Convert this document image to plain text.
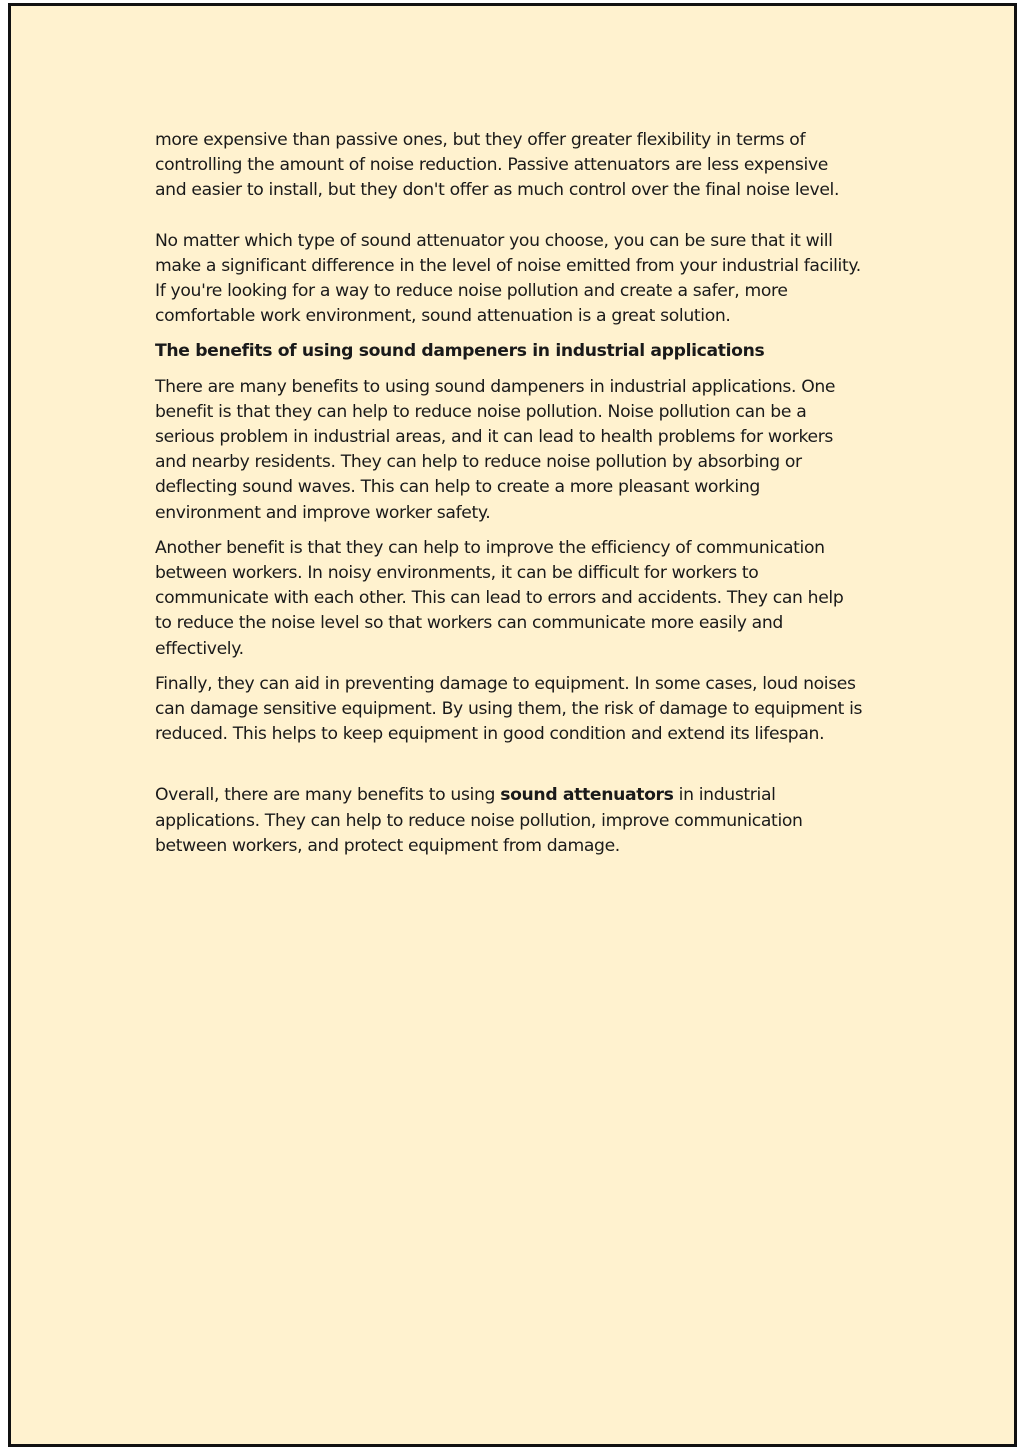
more expensive than passive ones, but they offer greater flexibility in terms of
controlling the amount of noise reduction. Passive attenuators are less expensive
and easier to install, but they don't offer as much control over the final noise level.

No matter which type of sound attenuator you choose, you can be sure that it will
make a significant difference in the level of noise emitted from your industrial facility.
If you're looking for a way to reduce noise pollution and create a safer, more
comfortable work environment, sound attenuation is a great solution.

The benefits of using sound dampeners in industrial applications

There are many benefits to using sound dampeners in industrial applications. One
benefit is that they can help to reduce noise pollution. Noise pollution can be a
serious problem in industrial areas, and it can lead to health problems for workers
and nearby residents. They can help to reduce noise pollution by absorbing or
deflecting sound waves. This can help to create a more pleasant working
environment and improve worker safety.

Another benefit is that they can help to improve the efficiency of communication
between workers. In noisy environments, it can be difficult for workers to
communicate with each other. This can lead to errors and accidents. They can help
to reduce the noise level so that workers can communicate more easily and
effectively.

Finally, they can aid in preventing damage to equipment. In some cases, loud noises
can damage sensitive equipment. By using them, the risk of damage to equipment is
reduced. This helps to keep equipment in good condition and extend its lifespan.

Overall, there are many benefits to using sound attenuators in industrial
applications. They can help to reduce noise pollution, improve communication
between workers, and protect equipment from damage.
